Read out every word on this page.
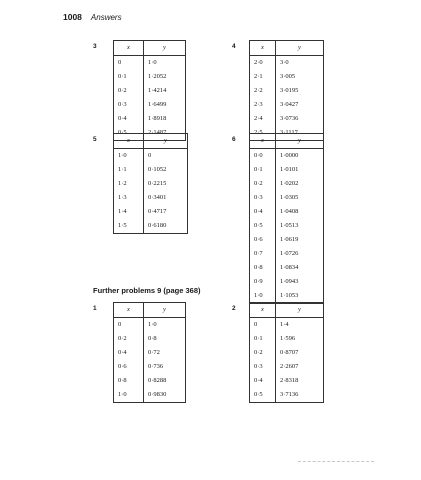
1008 Answers
3	x	y
0	1·0
0·1	1·2052
0·2	1·4214
0·3	1·6499
0·4	1·8918
0·5	2·1487
4	x	y
2·0	3·0
2·1	3·005
2·2	3·0195
2·3	3·0427
2·4	3·0736
2·5	3·1117
5	x	y
1·0	0
1·1	0·1052
1·2	0·2215
1·3	0·3401
1·4	0·4717
1·5	0·6180
6	x	y
0·0	1·0000
0·1	1·0101
0·2	1·0202
0·3	1·0305
0·4	1·0408
0·5	1·0513
0·6	1·0619
0·7	1·0726
0·8	1·0834
0·9	1·0943
1·0	1·1053
Further problems 9 (page 368)
1	x	y
0	1·0
0·2	0·8
0·4	0·72
0·6	0·736
0·8	0·8288
1·0	0·9830
2	x	y
0	1·4
0·1	1·596
0·2	0·8707
0·3	2·2607
0·4	2·8318
0·5	3·7136
